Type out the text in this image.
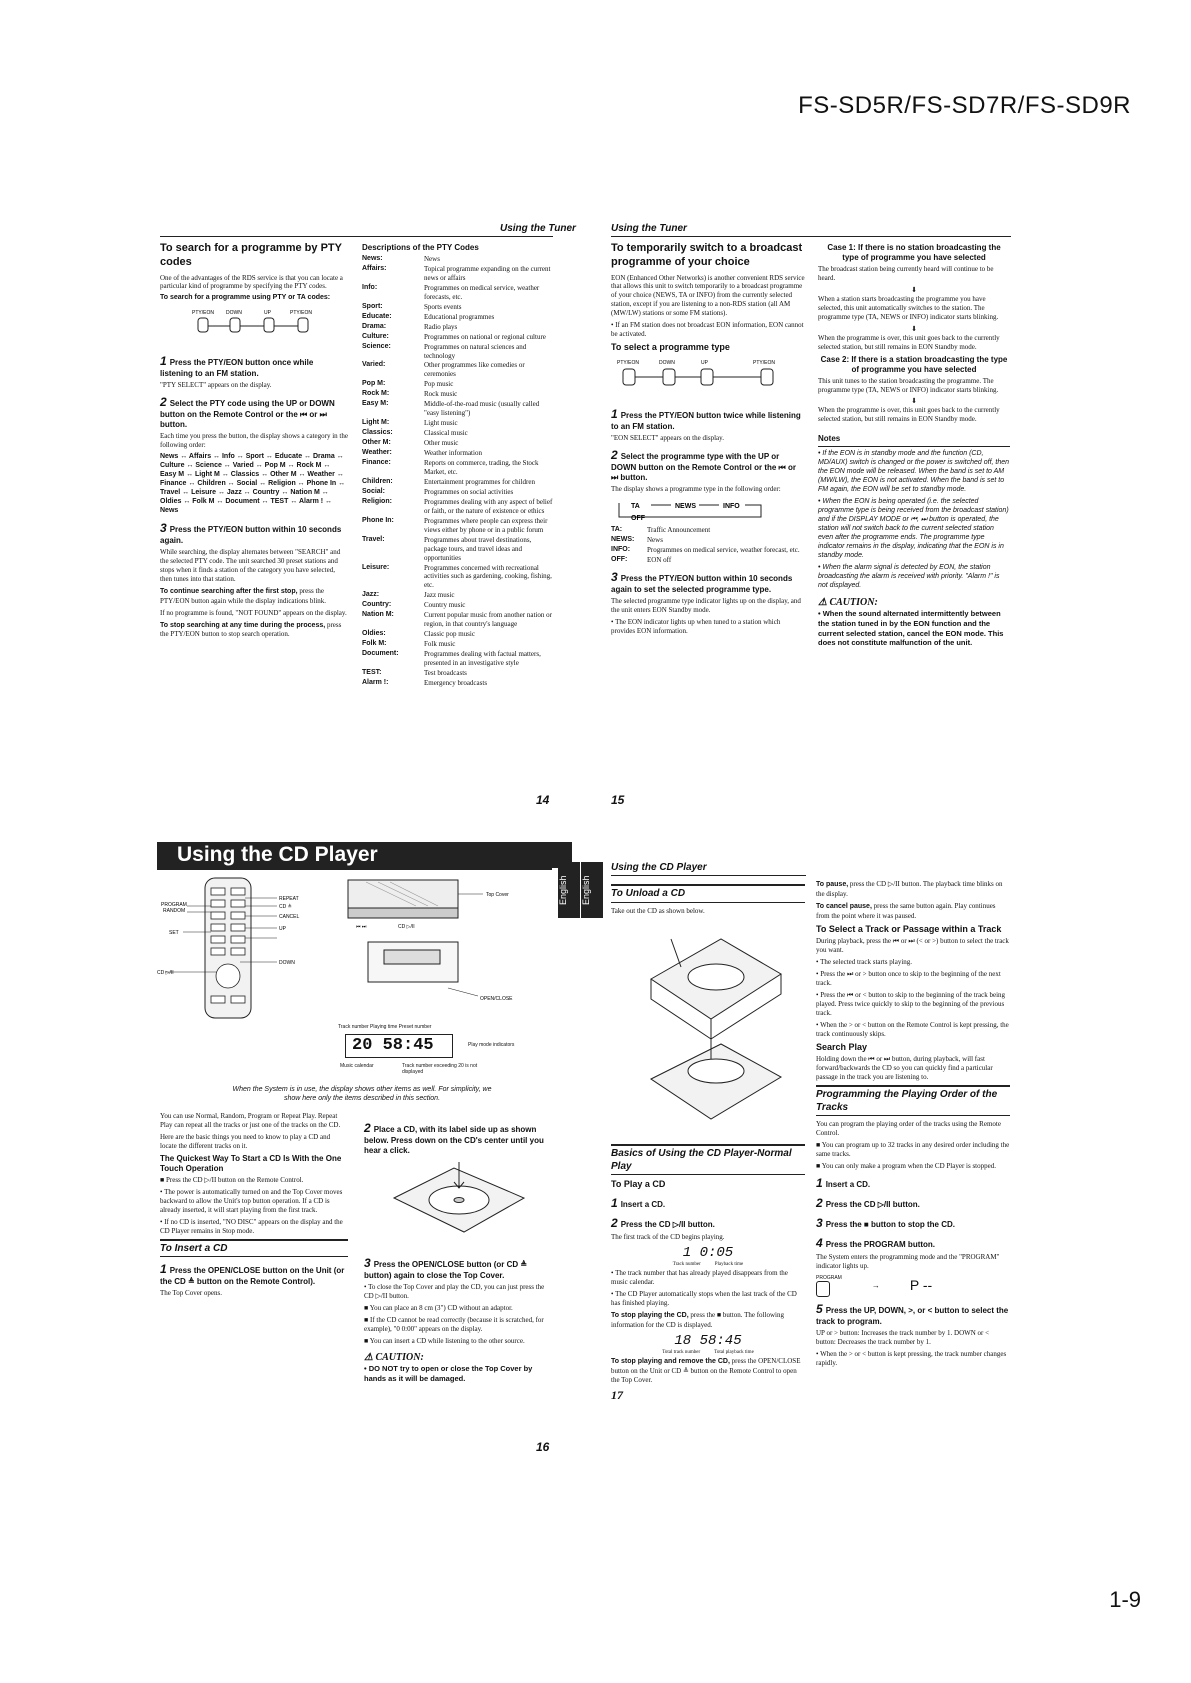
FS-SD5R/FS-SD7R/FS-SD9R
1-9
Using the Tuner
To search for a programme by PTY codes

One of the advantages of the RDS service is that you can locate a particular kind of programme by specifying the PTY codes.

To search for a programme using PTY or TA codes:

PTY/EON DOWN	UP	PTY/EON
1 Press the PTY/EON button once while listening to an FM station.

"PTY SELECT" appears on the display.

2 Select the PTY code using the UP or DOWN button on the Remote Control or the ⏮ or ⏭ button.

Each time you press the button, the display shows a category in the following order:

News ↔ Affairs ↔ Info ↔ Sport ↔ Educate ↔ Drama ↔ Culture ↔ Science ↔ Varied ↔ Pop M ↔ Rock M ↔ Easy M ↔ Light M ↔ Classics ↔ Other M ↔ Weather ↔ Finance ↔ Children ↔ Social ↔ Religion ↔ Phone In ↔ Travel ↔ Leisure ↔ Jazz ↔ Country ↔ Nation M ↔ Oldies ↔ Folk M ↔ Document ↔ TEST ↔ Alarm ! ↔ News

3 Press the PTY/EON button within 10 seconds again.

While searching, the display alternates between "SEARCH" and the selected PTY code. The unit searched 30 preset stations and stops when it finds a station of the category you have selected, then tunes into that station.

To continue searching after the first stop, press the PTY/EON button again while the display indications blink.

If no programme is found, "NOT FOUND" appears on the display.

To stop searching at any time during the process, press the PTY/EON button to stop search operation.

Descriptions of the PTY Codes
News:	News
Affairs:	Topical programme expanding on the current news or affairs
Info:	Programmes on medical service, weather forecasts, etc.
Sport:	Sports events
Educate:	Educational programmes
Drama:	Radio plays
Culture:	Programmes on national or regional culture
Science:	Programmes on natural sciences and technology
Varied:	Other programmes like comedies or ceremonies
Pop M:	Pop music
Rock M:	Rock music
Easy M:	Middle-of-the-road music (usually called "easy listening")
Light M:	Light music
Classics:	Classical music
Other M:	Other music
Weather:	Weather information
Finance:	Reports on commerce, trading, the Stock Market, etc.
Children:	Entertainment programmes for children
Social:	Programmes on social activities
Religion:	Programmes dealing with any aspect of belief or faith, or the nature of existence or ethics
Phone In:	Programmes where people can express their views either by phone or in a public forum
Travel:	Programmes about travel destinations, package tours, and travel ideas and opportunities
Leisure:	Programmes concerned with recreational activities such as gardening, cooking, fishing, etc.
Jazz:	Jazz music
Country:	Country music
Nation M:	Current popular music from another nation or region, in that country's language
Oldies:	Classic pop music
Folk M:	Folk music
Document:	Programmes dealing with factual matters, presented in an investigative style
TEST:	Test broadcasts
Alarm !:	Emergency broadcasts
14
Using the Tuner
To temporarily switch to a broadcast programme of your choice

EON (Enhanced Other Networks) is another convenient RDS service that allows this unit to switch temporarily to a broadcast programme of your choice (NEWS, TA or INFO) from the currently selected station, except if you are listening to a non-RDS station (all AM (MW/LW) stations or some FM stations).

• If an FM station does not broadcast EON information, EON cannot be activated.

To select a programme type
PTY/EON	DOWN	UP	PTY/EON
1 Press the PTY/EON button twice while listening to an FM station.

"EON SELECT" appears on the display.

2 Select the programme type with the UP or DOWN button on the Remote Control or the ⏮ or ⏭ button.

The display shows a programme type in the following order:

TA	NEWS	INFO
OFF
TA:	Traffic Announcement
NEWS:	News
INFO:	Programmes on medical service, weather forecast, etc.
OFF:	EON off
3 Press the PTY/EON button within 10 seconds again to set the selected programme type.

The selected programme type indicator lights up on the display, and the unit enters EON Standby mode.

• The EON indicator lights up when tuned to a station which provides EON information.

Case 1: If there is no station broadcasting the type of programme you have selected

The broadcast station being currently heard will continue to be heard.

⬇

When a station starts broadcasting the programme you have selected, this unit automatically switches to the station. The programme type (TA, NEWS or INFO) indicator starts blinking.

⬇

When the programme is over, this unit goes back to the currently selected station, but still remains in EON Standby mode.

Case 2: If there is a station broadcasting the type of programme you have selected

This unit tunes to the station broadcasting the programme. The programme type (TA, NEWS or INFO) indicator starts blinking.

⬇

When the programme is over, this unit goes back to the currently selected station, but still remains in EON Standby mode.

Notes

• If the EON is in standby mode and the function (CD, MD/AUX) switch is changed or the power is switched off, then the EON mode will be released. When the band is set to AM (MW/LW), the EON is not activated. When the band is set to FM again, the EON will be set to standby mode.

• When the EON is being operated (i.e. the selected programme type is being received from the broadcast station) and if the DISPLAY MODE or ⏮, ⏭ button is operated, the station will not switch back to the current selected station even after the programme ends. The programme type indicator remains in the display, indicating that the EON is in standby mode.

• When the alarm signal is detected by EON, the station broadcasting the alarm is received with priority. "Alarm !" is not displayed.

⚠ CAUTION:

• When the sound alternated intermittently between the station tuned in by the EON function and the current selected station, cancel the EON mode. This does not constitute malfunction of the unit.

15
Using the CD Player
PROGRAM
RANDOM
SET
CD ▷/II
REPEAT
CD ≜
CANCEL
UP
DOWN
Top Cover
⏮ ⏭	CD ▷/II
OPEN/CLOSE
Track number Playing time Preset number
20 58:45
Music calendar	Track number exceeding 20 is not displayed
Play mode indicators
When the System is in use, the display shows other items as well. For simplicity, we show here only the items described in this section.

You can use Normal, Random, Program or Repeat Play. Repeat Play can repeat all the tracks or just one of the tracks on the CD.

Here are the basic things you need to know to play a CD and locate the different tracks on it.

The Quickest Way To Start a CD Is With the One Touch Operation

■ Press the CD ▷/II button on the Remote Control.

• The power is automatically turned on and the Top Cover moves backward to allow the Unit's top button operation. If a CD is already inserted, it will start playing from the first track.

• If no CD is inserted, "NO DISC" appears on the display and the CD Player remains in Stop mode.

To Insert a CD
1 Press the OPEN/CLOSE button on the Unit (or the CD ≜ button on the Remote Control).

The Top Cover opens.

2 Place a CD, with its label side up as shown below. Press down on the CD's center until you hear a click.
3 Press the OPEN/CLOSE button (or CD ≜ button) again to close the Top Cover.

• To close the Top Cover and play the CD, you can just press the CD ▷/II button.

■ You can place an 8 cm (3") CD without an adaptor.

■ If the CD cannot be read correctly (because it is scratched, for example), "0 0:00" appears on the display.

■ You can insert a CD while listening to the other source.

⚠ CAUTION:

• DO NOT try to open or close the Top Cover by hands as it will be damaged.

16
English	English
Using the CD Player
To Unload a CD

Take out the CD as shown below.

Basics of Using the CD Player-Normal Play
To Play a CD
1 Insert a CD.
2 Press the CD ▷/II button.

The first track of the CD begins playing.

1 0:05
Track number	Playback time

• The track number that has already played disappears from the music calendar.

• The CD Player automatically stops when the last track of the CD has finished playing.

To stop playing the CD, press the ■ button. The following information for the CD is displayed.

18 58:45
Total track number	Total playback time

To stop playing and remove the CD, press the OPEN/CLOSE button on the Unit or CD ≜ button on the Remote Control to open the Top Cover.

17

To pause, press the CD ▷/II button. The playback time blinks on the display.

To cancel pause, press the same button again. Play continues from the point where it was paused.

To Select a Track or Passage within a Track

During playback, press the ⏮ or ⏭ (< or >) button to select the track you want.

• The selected track starts playing.

• Press the ⏭ or > button once to skip to the beginning of the next track.

• Press the ⏮ or < button to skip to the beginning of the track being played. Press twice quickly to skip to the beginning of the previous track.

• When the > or < button on the Remote Control is kept pressing, the track continuously skips.

Search Play

Holding down the ⏮ or ⏭ button, during playback, will fast forward/backwards the CD so you can quickly find a particular passage in the track you are listening to.

Programming the Playing Order of the Tracks

You can program the playing order of the tracks using the Remote Control.

■ You can program up to 32 tracks in any desired order including the same tracks.

■ You can only make a program when the CD Player is stopped.

1 Insert a CD.
2 Press the CD ▷/II button.
3 Press the ■ button to stop the CD.
4 Press the PROGRAM button.

The System enters the programming mode and the "PROGRAM" indicator lights up.

PROGRAM
→ P --
5 Press the UP, DOWN, >, or < button to select the track to program.

UP or > button: Increases the track number by 1. DOWN or < button: Decreases the track number by 1.

• When the > or < button is kept pressing, the track number changes rapidly.
